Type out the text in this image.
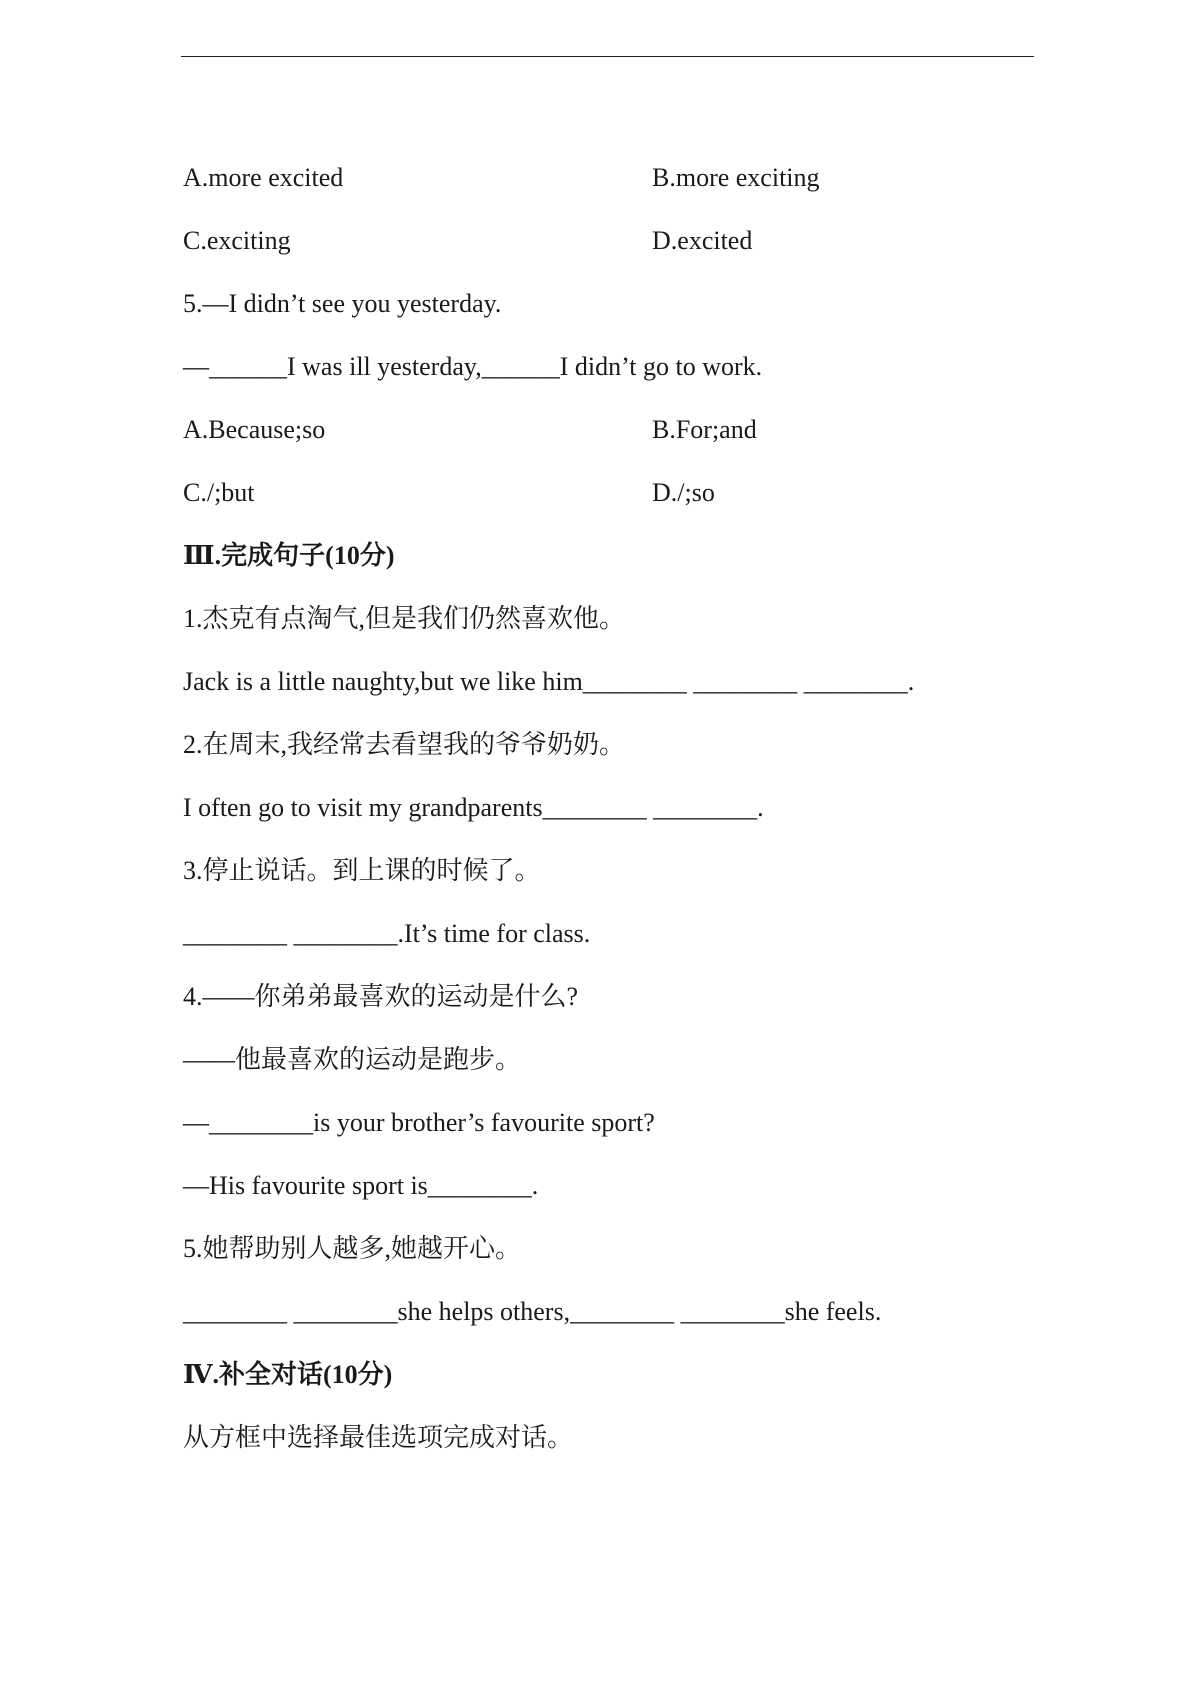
A.more excited	B.more exciting
C.exciting	D.excited
5.—I didn’t see you yesterday.
—______I was ill yesterday,______I didn’t go to work.
A.Because;so	B.For;and
C./;but	D./;so
Ⅲ.完成句子(10分)
1.杰克有点淘气,但是我们仍然喜欢他。
Jack is a little naughty,but we like him________ ________ ________.
2.在周末,我经常去看望我的爷爷奶奶。
I often go to visit my grandparents________ ________.
3.停止说话。到上课的时候了。
________ ________.It’s time for class.
4.——你弟弟最喜欢的运动是什么?
——他最喜欢的运动是跑步。
—________is your brother’s favourite sport?
—His favourite sport is________.
5.她帮助别人越多,她越开心。
________ ________she helps others,________ ________she feels.
Ⅳ.补全对话(10分)
从方框中选择最佳选项完成对话。
